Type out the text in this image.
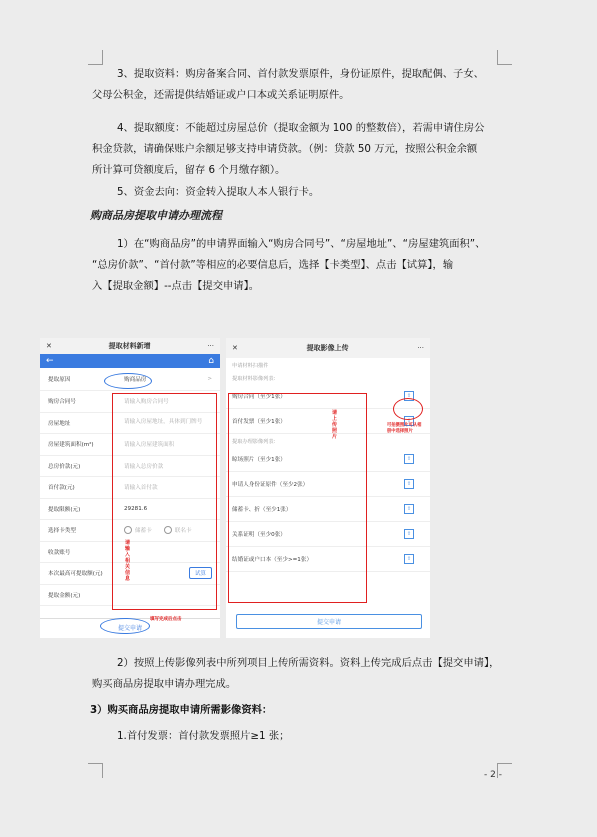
3、提取资料：购房备案合同、首付款发票原件，身份证原件，提取配偶、子女、
父母公积金，还需提供结婚证或户口本或关系证明原件。
4、提取额度：不能超过房屋总价（提取金额为 100 的整数倍），若需申请住房公
积金贷款，请确保账户余额足够支持申请贷款。（例：贷款 50 万元，按照公积金余额
所计算可贷额度后，留存 6 个月缴存额）。
5、资金去向：资金转入提取人本人银行卡。
购商品房提取申请办理流程
1）在“购商品房”的申请界面输入“购房合同号”、“房屋地址”、“房屋建筑面积”、
“总房价款”、“首付款”等相应的必要信息后，选择【卡类型】、点击【试算】，输
入【提取金额】--点击【提交申请】。
✕	提取材料新增	···
←	⌂
提取原因	购商品房	>
购房合同号	请输入购房合同号
房屋地址	请输入房屋地址，具体到门牌号
房屋建筑面积(m²)	请输入房屋建筑面积
总房价款(元)	请输入总房价款
首付款(元)	请输入首付款
提取限额(元)	29281.6
选择卡类型	储蓄卡	联名卡
收款账号
本次最高可提取额(元)	试算
提取金额(元)
提交申请
请输入相关信息
填写完成后点击
✕	提取影像上传	···
申请材料扫描件
提取材料影像列表：
购房合同（至少1张）	⇧
首付发票（至少1张）	⇧
提取办理影像列表：
晾场照片（至少1张）	⇧
申请人身份证原件（至少2张）	⇧
储蓄卡、折（至少1张）	⇧
关系证明（至少0张）	⇧
结婚证或户口本（至少>=1张）	⇧
提交申请
请上传照片
可拍摄照片可从相册中选择照片
2）按照上传影像列表中所列项目上传所需资料。资料上传完成后点击【提交申请】，
购买商品房提取申请办理完成。
3）购买商品房提取申请所需影像资料：
1.首付发票：首付款发票照片≥1 张；
- 2 -
